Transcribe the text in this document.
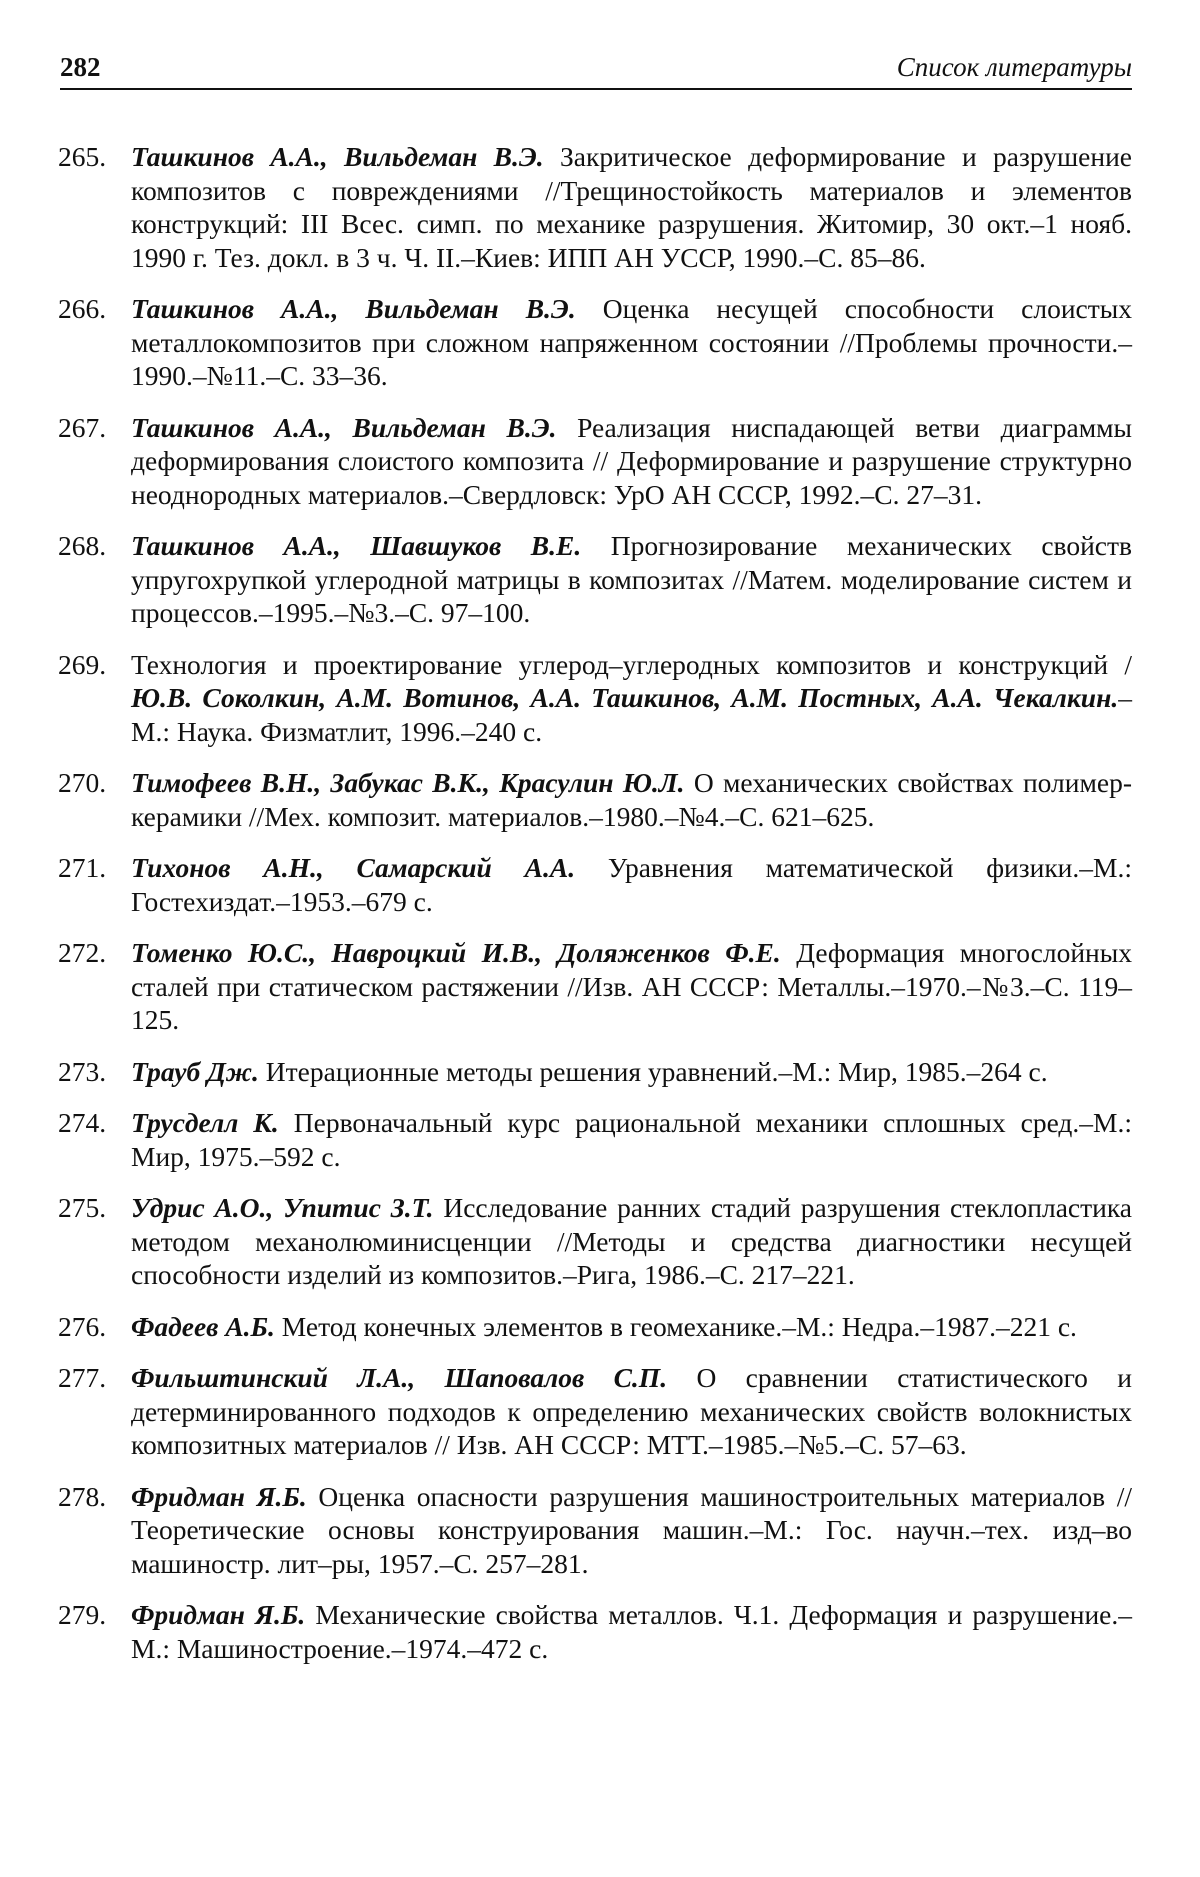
282	Список литературы
265. Ташкинов А.А., Вильдеман В.Э. Закритическое деформирование и разрушение композитов с повреждениями //Трещиностойкость материалов и элементов конструкций: III Всес. симп. по механике разрушения. Житомир, 30 окт.–1 нояб. 1990 г. Тез. докл. в 3 ч. Ч. II.–Киев: ИПП АН УССР, 1990.–С. 85–86.
266. Ташкинов А.А., Вильдеман В.Э. Оценка несущей способности слоистых металлокомпозитов при сложном напряженном состоянии //Проблемы прочности.–1990.–№11.–С. 33–36.
267. Ташкинов А.А., Вильдеман В.Э. Реализация ниспадающей ветви диаграммы деформирования слоистого композита // Деформирование и разрушение структурно неоднородных материалов.–Свердловск: УрО АН СССР, 1992.–С. 27–31.
268. Ташкинов А.А., Шавшуков В.Е. Прогнозирование механических свойств упругохрупкой углеродной матрицы в композитах //Матем. моделирование систем и процессов.–1995.–№3.–С. 97–100.
269. Технология и проектирование углерод–углеродных композитов и конструкций / Ю.В. Соколкин, А.М. Вотинов, А.А. Ташкинов, А.М. Постных, А.А. Чекалкин.–М.: Наука. Физматлит, 1996.–240 с.
270. Тимофеев В.Н., Забукас В.К., Красулин Ю.Л. О механических свойствах полимер-керамики //Мех. композит. материалов.–1980.–№4.–С. 621–625.
271. Тихонов А.Н., Самарский А.А. Уравнения математической физики.–М.: Гостехиздат.–1953.–679 с.
272. Томенко Ю.С., Навроцкий И.В., Доляженков Ф.Е. Деформация многослойных сталей при статическом растяжении //Изв. АН СССР: Металлы.–1970.–№3.–С. 119–125.
273. Трауб Дж. Итерационные методы решения уравнений.–М.: Мир, 1985.–264 с.
274. Трусделл К. Первоначальный курс рациональной механики сплошных сред.–М.: Мир, 1975.–592 с.
275. Удрис А.О., Упитис З.Т. Исследование ранних стадий разрушения стеклопластика методом механолюминисценции //Методы и средства диагностики несущей способности изделий из композитов.–Рига, 1986.–С. 217–221.
276. Фадеев А.Б. Метод конечных элементов в геомеханике.–М.: Недра.–1987.–221 с.
277. Фильштинский Л.А., Шаповалов С.П. О сравнении статистического и детерминированного подходов к определению механических свойств волокнистых композитных материалов // Изв. АН СССР: МТТ.–1985.–№5.–С. 57–63.
278. Фридман Я.Б. Оценка опасности разрушения машиностроительных материалов //Теоретические основы конструирования машин.–М.: Гос. научн.–тех. изд–во машиностр. лит–ры, 1957.–С. 257–281.
279. Фридман Я.Б. Механические свойства металлов. Ч.1. Деформация и разрушение.–М.: Машиностроение.–1974.–472 с.
